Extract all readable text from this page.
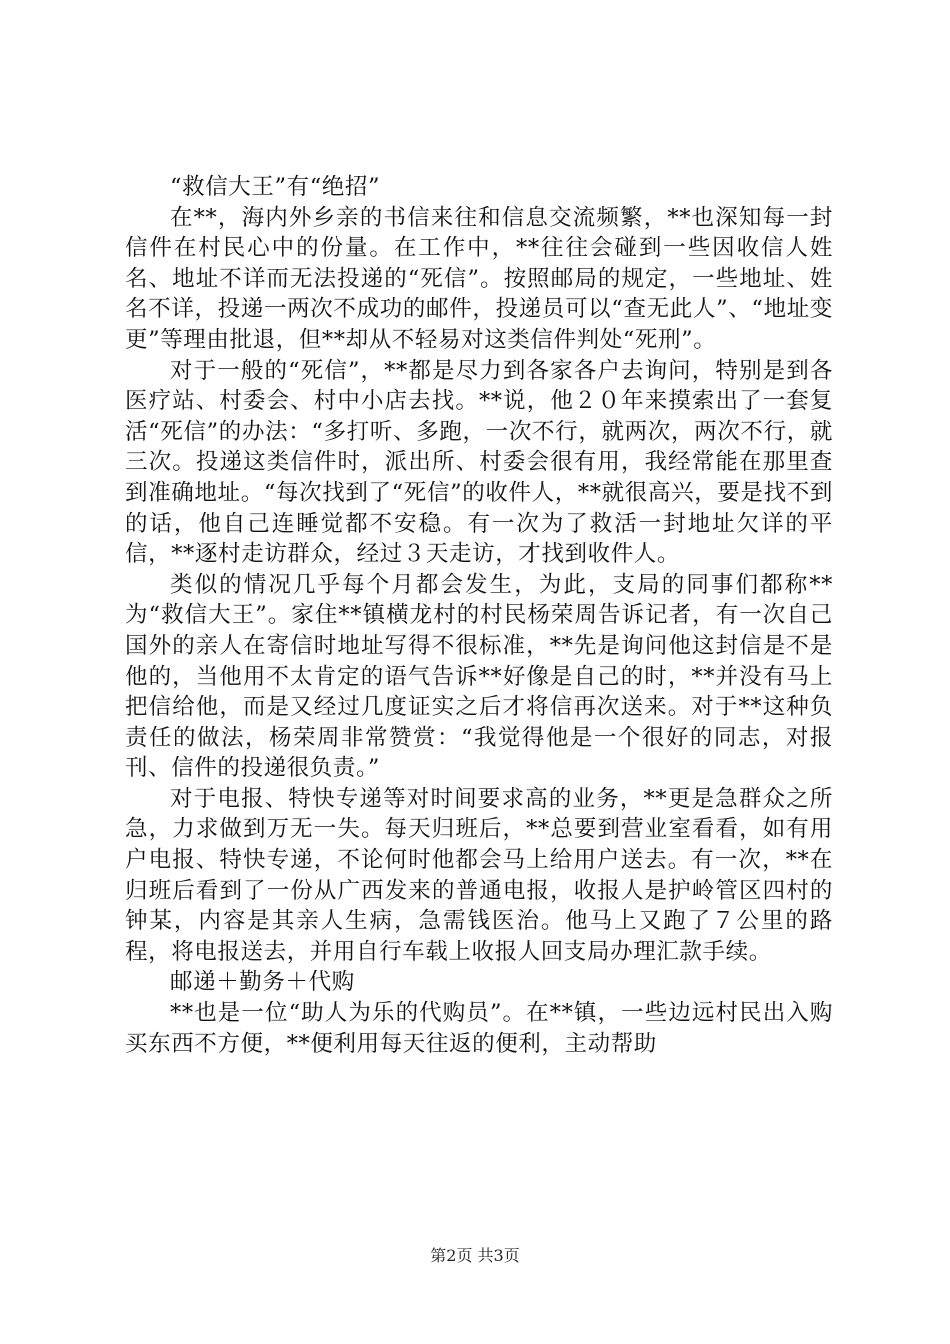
“救信大王”有“绝招”

在**，海内外乡亲的书信来往和信息交流频繁，**也深知每一封信件在村民心中的份量。在工作中，**往往会碰到一些因收信人姓名、地址不详而无法投递的“死信”。按照邮局的规定，一些地址、姓名不详，投递一两次不成功的邮件，投递员可以“查无此人”、“地址变更”等理由批退，但**却从不轻易对这类信件判处“死刑”。

对于一般的“死信”，**都是尽力到各家各户去询问，特别是到各医疗站、村委会、村中小店去找。**说，他２０年来摸索出了一套复活“死信”的办法：“多打听、多跑，一次不行，就两次，两次不行，就三次。投递这类信件时，派出所、村委会很有用，我经常能在那里查到准确地址。“每次找到了“死信”的收件人，**就很高兴，要是找不到的话，他自己连睡觉都不安稳。有一次为了救活一封地址欠详的平信，**逐村走访群众，经过３天走访，才找到收件人。

类似的情况几乎每个月都会发生，为此，支局的同事们都称**为“救信大王”。家住**镇横龙村的村民杨荣周告诉记者，有一次自己国外的亲人在寄信时地址写得不很标准，**先是询问他这封信是不是他的，当他用不太肯定的语气告诉**好像是自己的时，**并没有马上把信给他，而是又经过几度证实之后才将信再次送来。对于**这种负责任的做法，杨荣周非常赞赏：“我觉得他是一个很好的同志，对报刊、信件的投递很负责。”

对于电报、特快专递等对时间要求高的业务，**更是急群众之所急，力求做到万无一失。每天归班后，**总要到营业室看看，如有用户电报、特快专递，不论何时他都会马上给用户送去。有一次，**在归班后看到了一份从广西发来的普通电报，收报人是护岭管区四村的钟某，内容是其亲人生病，急需钱医治。他马上又跑了７公里的路程，将电报送去，并用自行车载上收报人回支局办理汇款手续。

邮递＋勤务＋代购

**也是一位“助人为乐的代购员”。在**镇，一些边远村民出入购买东西不方便，**便利用每天往返的便利，主动帮助

第2页 共3页
